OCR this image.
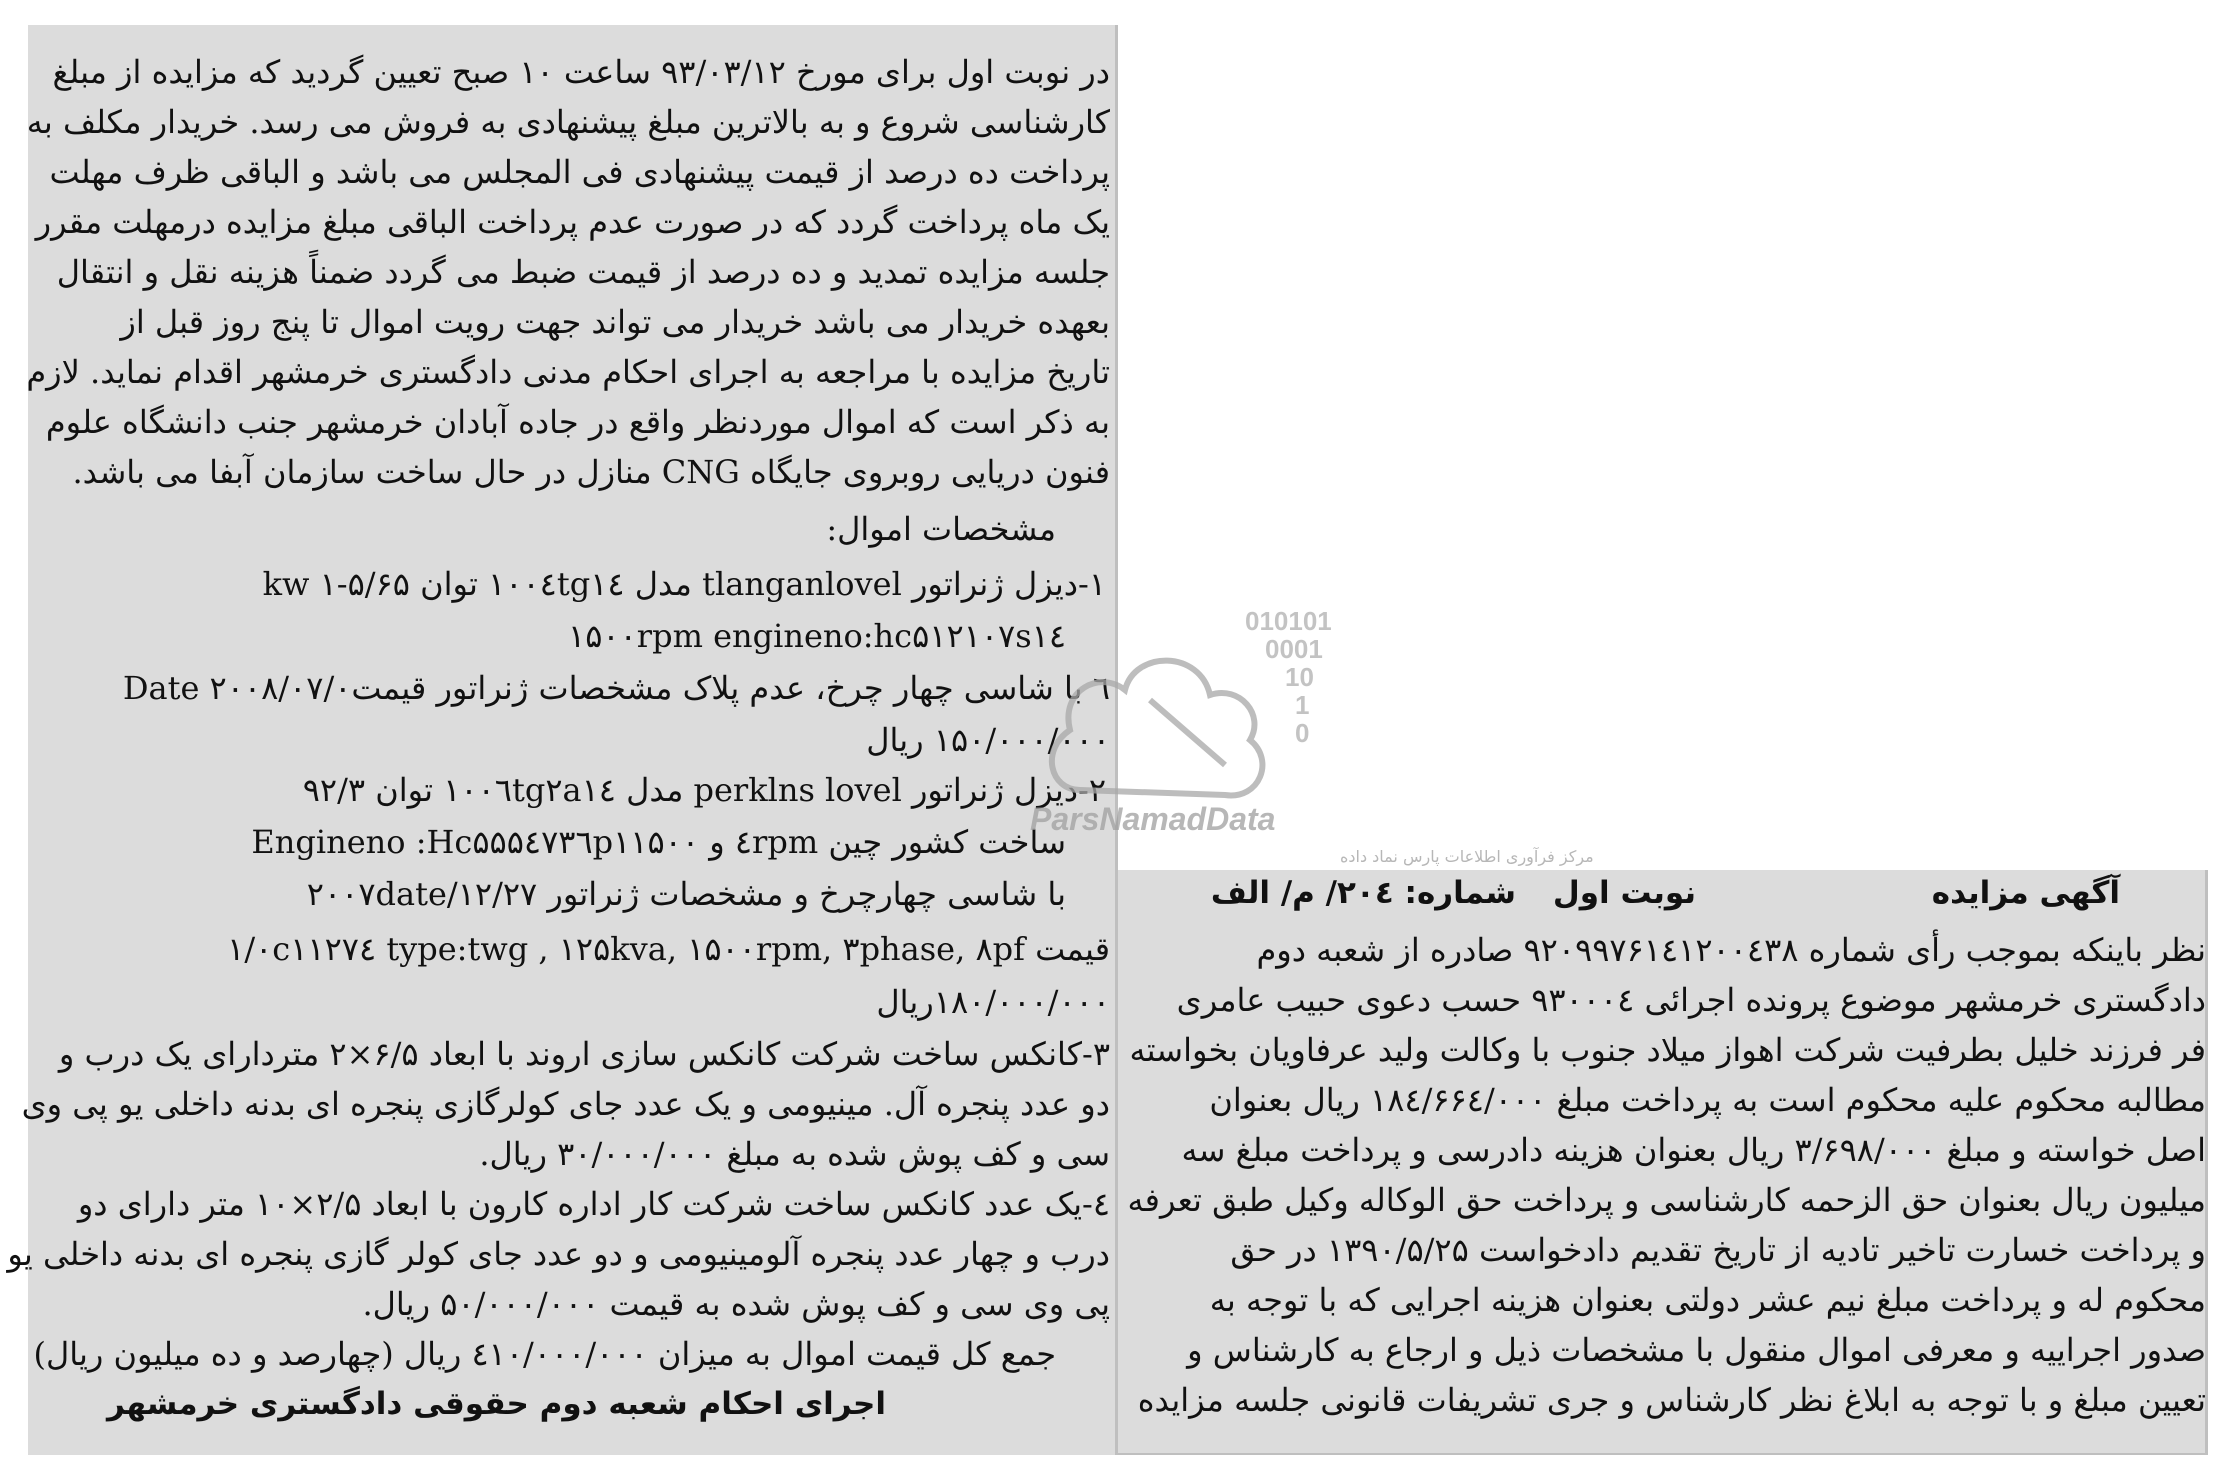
در نوبت اول برای مورخ ۹۳/۰۳/۱۲ ساعت ۱۰ صبح تعیین گردید که مزایده از مبلغ
کارشناسی شروع و به بالاترین مبلغ پیشنهادی به فروش می رسد. خریدار مکلف به
پرداخت ده درصد از قیمت پیشنهادی فی المجلس می باشد و الباقی ظرف مهلت
یک ماه پرداخت گردد که در صورت عدم پرداخت الباقی مبلغ مزایده درمهلت مقرر
جلسه مزایده تمدید و ده درصد از قیمت ضبط می گردد ضمناً هزینه نقل و انتقال
بعهده خریدار می باشد خریدار می تواند جهت رویت اموال تا پنج روز قبل از
تاریخ مزایده با مراجعه به اجرای احکام مدنی دادگستری خرمشهر اقدام نماید. لازم
به ذکر است که اموال موردنظر واقع در جاده آبادان خرمشهر جنب دانشگاه علوم
فنون دریایی روبروی جایگاه CNG منازل در حال ساخت سازمان آبفا می باشد.
مشخصات اموال:
۱-دیزل ژنراتور tlanganlovel مدل ۱۰۰٤tg۱٤ توان ۵/۶۵-kw ۱
۱۵۰۰rpm engineno:hc۵۱۲۱۰۷s۱٤
Date ۲۰۰۸/۰۷/۰٦ با شاسی چهار چرخ، عدم پلاک مشخصات ژنراتور قیمت
۱۵۰/۰۰۰/۰۰۰ ریال
۲-دیزل ژنراتور perklns lovel مدل ۱۰۰٦tg۲a۱٤ توان ۹۲/۳
Engineno :Hc۵۵۵٤۷۳٦p۱٤ و ۱۵۰۰rpm ساخت کشور چین
۲۰۰۷date/۱۲/۲۷ با شاسی چهارچرخ و مشخصات ژنراتور
۱/۰c۱۱۲۷٤ type:twg , ۱۲۵kva, ۱۵۰۰rpm, ۳phase, ۸pf قیمت
۱۸۰/۰۰۰/۰۰۰ریال
۳-کانکس ساخت شرکت کانکس سازی اروند با ابعاد ۶/۵×۲ متردارای یک درب و
دو عدد پنجره آل. مینیومی و یک عدد جای کولرگازی پنجره ای بدنه داخلی یو پی وی
سی و کف پوش شده به مبلغ ۳۰/۰۰۰/۰۰۰ ریال.
٤-یک عدد کانکس ساخت شرکت کار اداره کارون با ابعاد ۲/۵×۱۰ متر دارای دو
درب و چهار عدد پنجره آلومینیومی و دو عدد جای کولر گازی پنجره ای بدنه داخلی یو
پی وی سی و کف پوش شده به قیمت ۵۰/۰۰۰/۰۰۰ ریال.
جمع کل قیمت اموال به میزان ٤۱۰/۰۰۰/۰۰۰ ریال (چهارصد و ده میلیون ریال)
اجرای احکام شعبه دوم حقوقی دادگستری خرمشهر
آگهی مزایده
نوبت اول
شماره: ۲۰٤/ م/ الف
نظر باینکه بموجب رأی شماره ۹۲۰۹۹۷۶۱٤۱۲۰۰٤۳۸ صادره از شعبه دوم
دادگستری خرمشهر موضوع پرونده اجرائی ۹۳۰۰۰٤ حسب دعوی حبیب عامری
فر فرزند خلیل بطرفیت شرکت اهواز میلاد جنوب با وکالت ولید عرفاویان بخواسته
مطالبه محکوم علیه محکوم است به پرداخت مبلغ ۱۸٤/۶۶٤/۰۰۰ ریال بعنوان
اصل خواسته و مبلغ ۳/۶۹۸/۰۰۰ ریال بعنوان هزینه دادرسی و پرداخت مبلغ سه
میلیون ریال بعنوان حق الزحمه کارشناسی و پرداخت حق الوکاله وکیل طبق تعرفه
و پرداخت خسارت تاخیر تادیه از تاریخ تقدیم دادخواست ۱۳۹۰/۵/۲۵ در حق
محکوم له و پرداخت مبلغ نیم عشر دولتی بعنوان هزینه اجرایی که با توجه به
صدور اجراییه و معرفی اموال منقول با مشخصات ذیل و ارجاع به کارشناس و
تعیین مبلغ و با توجه به ابلاغ نظر کارشناس و جری تشریفات قانونی جلسه مزایده
010101
0001
10
1
0
ParsNamadData
مرکز فرآوری اطلاعات پارس نماد داده
